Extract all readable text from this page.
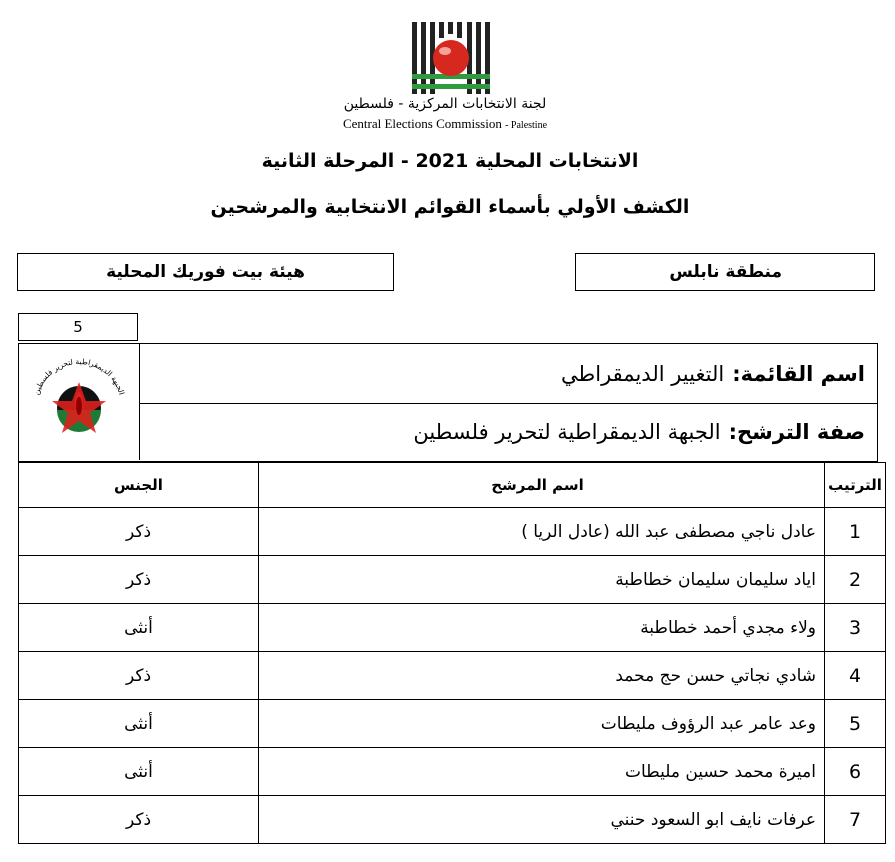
لجنة الانتخابات المركزية - فلسطين
Central Elections Commission - Palestine
الانتخابات المحلية 2021 - المرحلة الثانية
الكشف الأولي بأسماء القوائم الانتخابية والمرشحين
منطقة نابلس
هيئة بيت فوريك المحلية
5
الجبهة الديمقراطية لتحرير فلسطين
اسم القائمة:
التغيير الديمقراطي
صفة الترشح:
الجبهة الديمقراطية لتحرير فلسطين
الترتيب	اسم المرشح	الجنس
1	عادل ناجي مصطفى عبد الله (عادل الريا )	ذكر
2	اياد سليمان سليمان خطاطبة	ذكر
3	ولاء مجدي أحمد خطاطبة	أنثى
4	شادي نجاتي حسن حج محمد	ذكر
5	وعد عامر عبد الرؤوف مليطات	أنثى
6	اميرة محمد حسين مليطات	أنثى
7	عرفات نايف ابو السعود حنني	ذكر
